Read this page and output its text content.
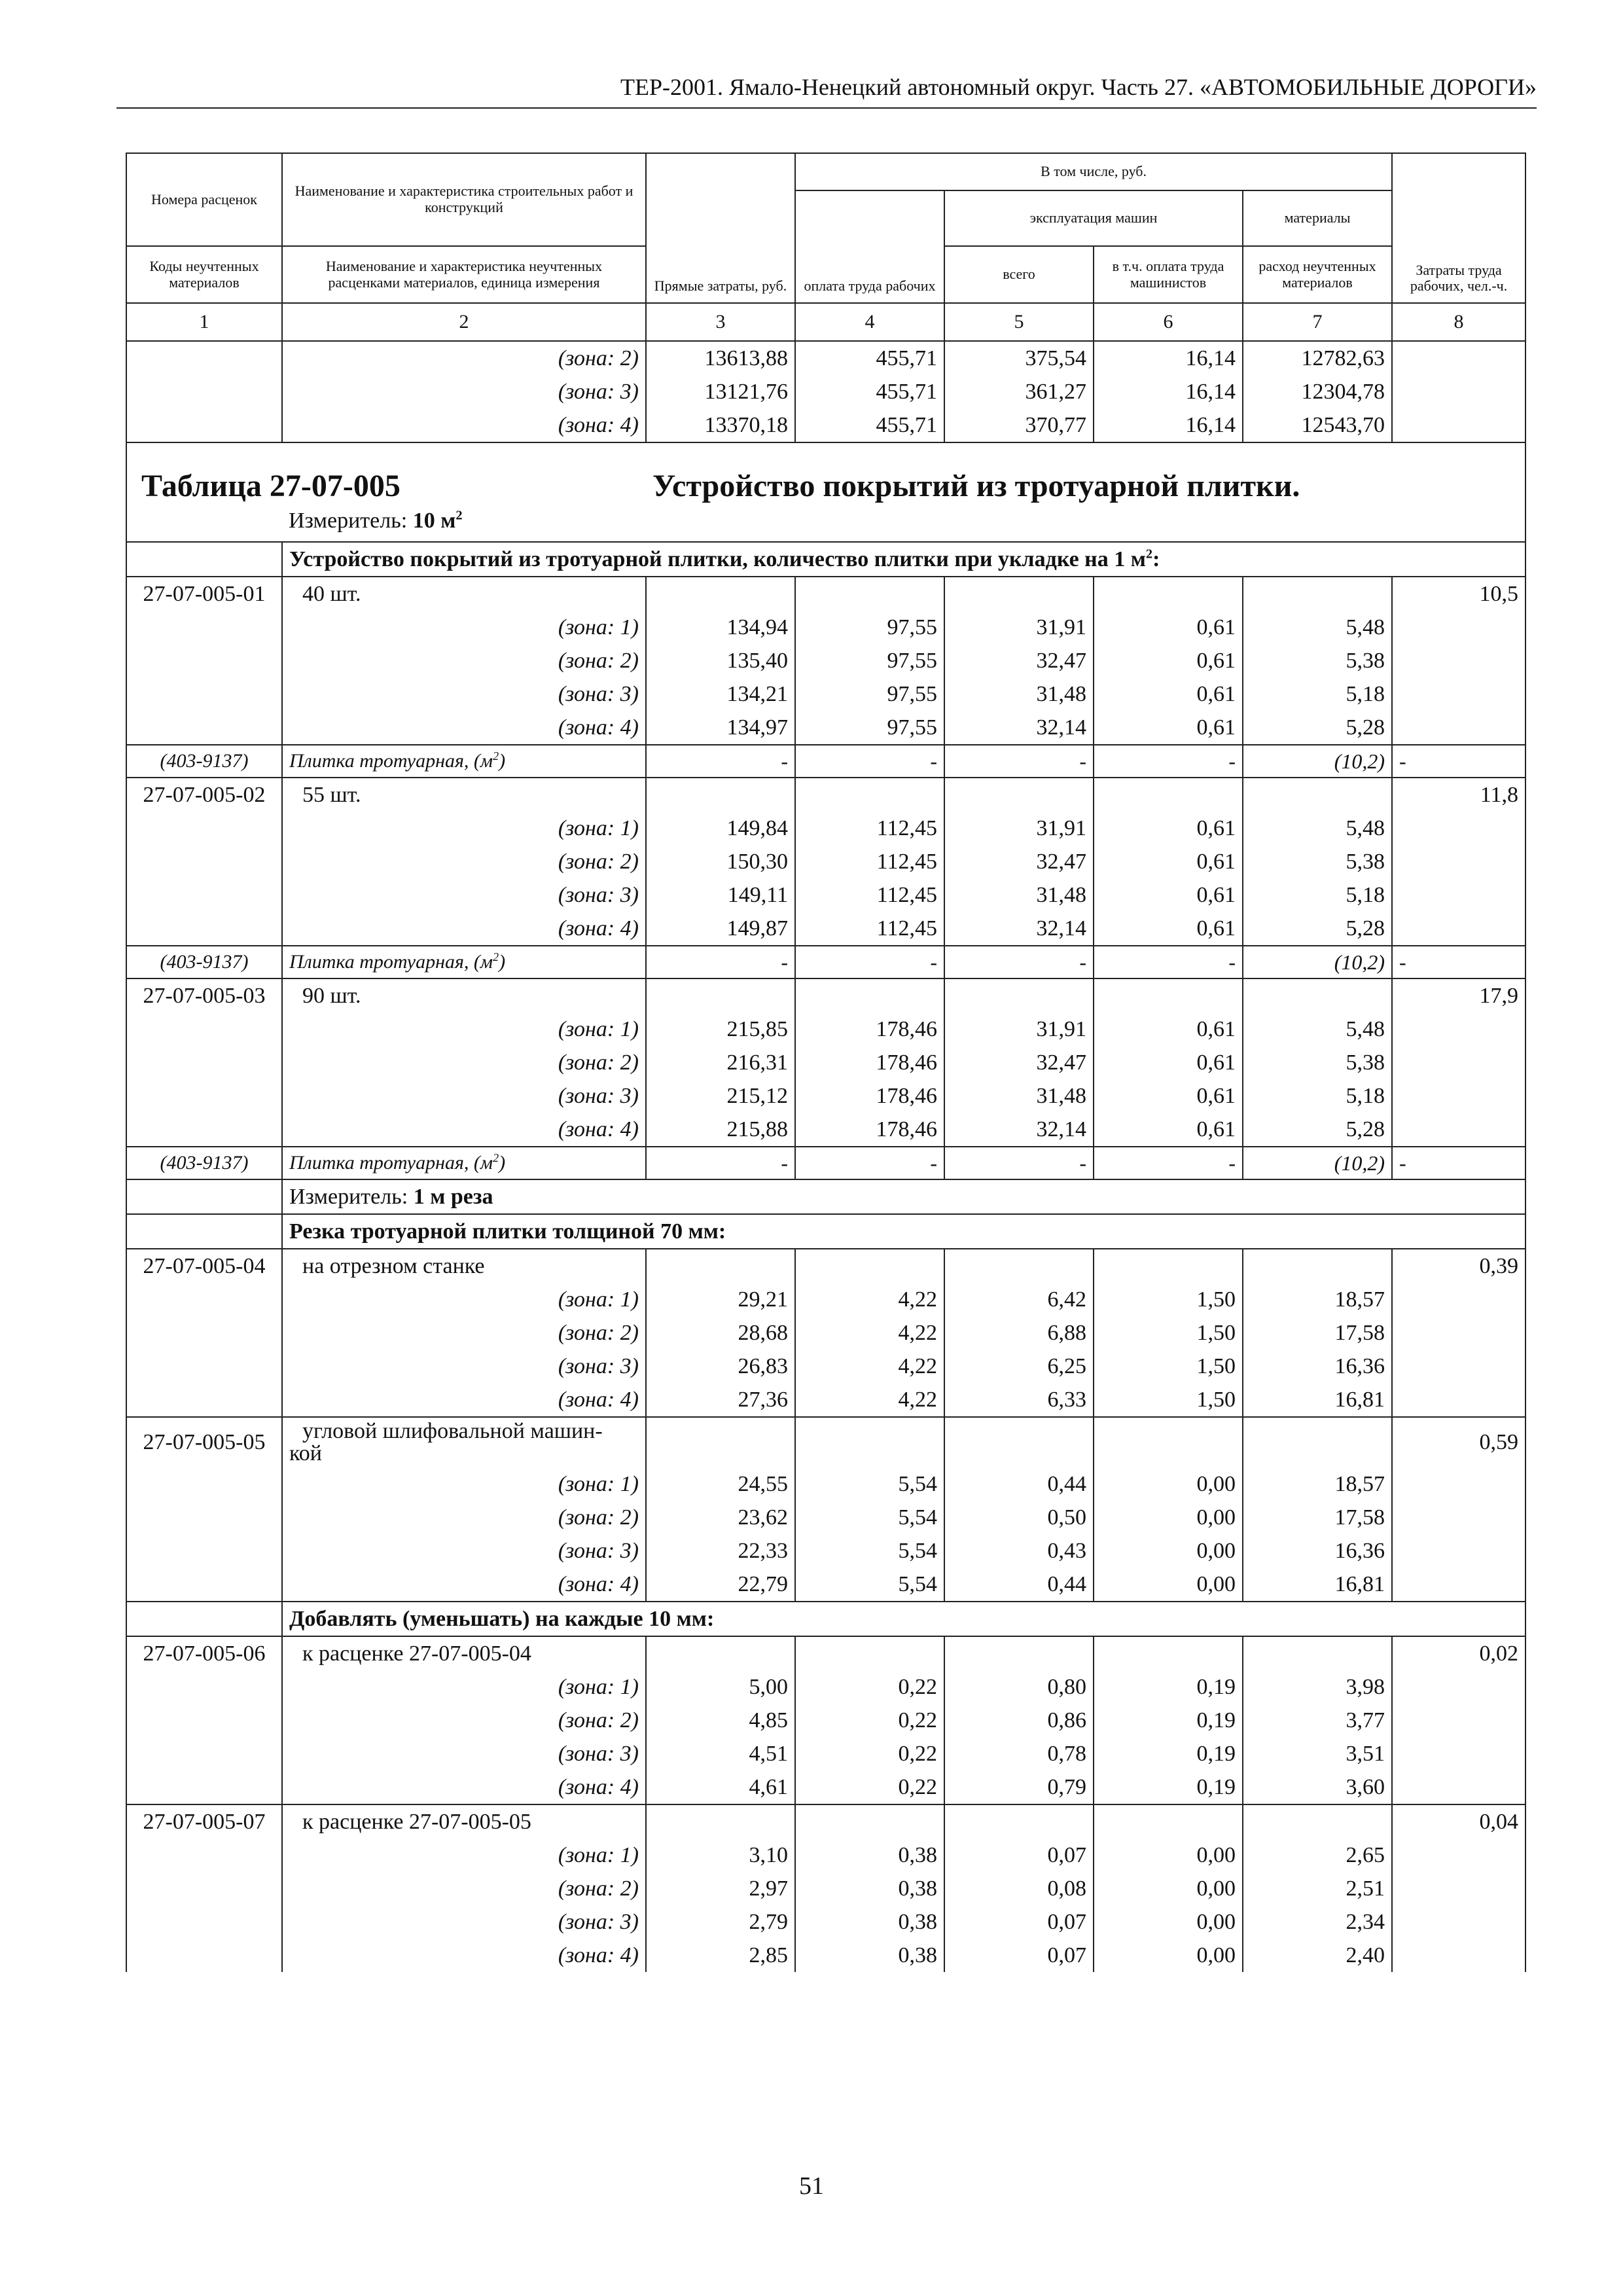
ТЕР-2001. Ямало-Ненецкий автономный округ. Часть 27. «АВТОМОБИЛЬНЫЕ ДОРОГИ»
Номера расценок	Наименование и характеристика строительных работ и конструкций	Прямые затраты, руб.	В том числе, руб.				Затраты труда рабочих, чел.-ч.
			оплата труда рабочих	эксплуатация машин		материалы	
Коды неучтенных материалов	Наименование и характеристика неучтенных расценками материалов, единица измерения			всего	в т.ч. оплата труда машинистов	расход неучтенных материалов	
1	2	3	4	5	6	7	8
	(зона: 2)	13613,88	455,71	375,54	16,14	12782,63	
	(зона: 3)	13121,76	455,71	361,27	16,14	12304,78	
	(зона: 4)	13370,18	455,71	370,77	16,14	12543,70	

Таблица 27-07-005 Устройство покрытий из тротуарной плитки.
Измеритель: 10 $м^2$

	Устройство покрытий из тротуарной плитки, количество плитки при укладке на 1 $м^2$:						
27-07-005-01	40 шт.						10,5
	(зона: 1)	134,94	97,55	31,91	0,61	5,48	
	(зона: 2)	135,40	97,55	32,47	0,61	5,38	
	(зона: 3)	134,21	97,55	31,48	0,61	5,18	
	(зона: 4)	134,97	97,55	32,14	0,61	5,28	
(403-9137)	Плитка тротуарная, $(м^2)$	-	-	-	-	(10,2)	-
27-07-005-02	55 шт.						11,8
	(зона: 1)	149,84	112,45	31,91	0,61	5,48	
	(зона: 2)	150,30	112,45	32,47	0,61	5,38	
	(зона: 3)	149,11	112,45	31,48	0,61	5,18	
	(зона: 4)	149,87	112,45	32,14	0,61	5,28	
(403-9137)	Плитка тротуарная, $(м^2)$	-	-	-	-	(10,2)	-
27-07-005-03	90 шт.						17,9
	(зона: 1)	215,85	178,46	31,91	0,61	5,48	
	(зона: 2)	216,31	178,46	32,47	0,61	5,38	
	(зона: 3)	215,12	178,46	31,48	0,61	5,18	
	(зона: 4)	215,88	178,46	32,14	0,61	5,28	
(403-9137)	Плитка тротуарная, $(м^2)$	-	-	-	-	(10,2)	-
	Измеритель: 1 м реза						
	Резка тротуарной плитки толщиной 70 мм:						
27-07-005-04	на отрезном станке						0,39
	(зона: 1)	29,21	4,22	6,42	1,50	18,57	
	(зона: 2)	28,68	4,22	6,88	1,50	17,58	
	(зона: 3)	26,83	4,22	6,25	1,50	16,36	
	(зона: 4)	27,36	4,22	6,33	1,50	16,81	
27-07-005-05	угловой шлифовальной машин-
кой						0,59
	(зона: 1)	24,55	5,54	0,44	0,00	18,57	
	(зона: 2)	23,62	5,54	0,50	0,00	17,58	
	(зона: 3)	22,33	5,54	0,43	0,00	16,36	
	(зона: 4)	22,79	5,54	0,44	0,00	16,81	
	Добавлять (уменьшать) на каждые 10 мм:						
27-07-005-06	к расценке 27-07-005-04						0,02
	(зона: 1)	5,00	0,22	0,80	0,19	3,98	
	(зона: 2)	4,85	0,22	0,86	0,19	3,77	
	(зона: 3)	4,51	0,22	0,78	0,19	3,51	
	(зона: 4)	4,61	0,22	0,79	0,19	3,60	
27-07-005-07	к расценке 27-07-005-05						0,04
	(зона: 1)	3,10	0,38	0,07	0,00	2,65	
	(зона: 2)	2,97	0,38	0,08	0,00	2,51	
	(зона: 3)	2,79	0,38	0,07	0,00	2,34	
	(зона: 4)	2,85	0,38	0,07	0,00	2,40	
51
